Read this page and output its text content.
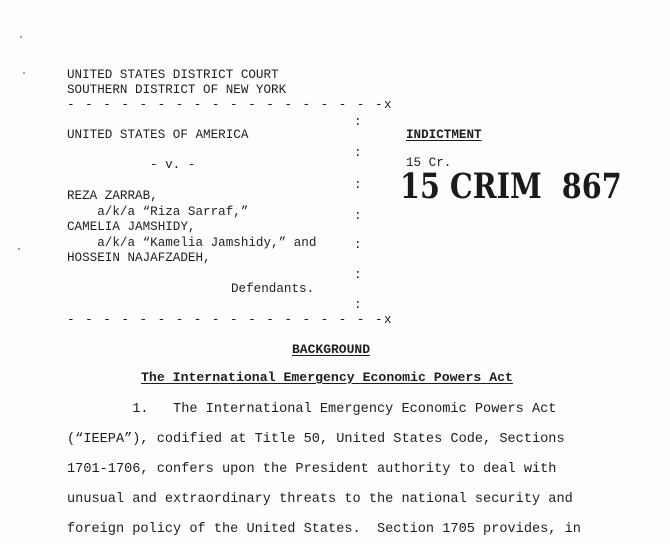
UNITED STATES DISTRICT COURT
SOUTHERN DISTRICT OF NEW YORK
- - - - - - - - - - - - - - - - - -x
:
:
:
:
:
:
:
UNITED STATES OF AMERICA
- v. -
REZA ZARRAB,
a/k/a “Riza Sarraf,”
CAMELIA JAMSHIDY,
a/k/a “Kamelia Jamshidy,” and
HOSSEIN NAJAFZADEH,
Defendants.
- - - - - - - - - - - - - - - - - -x
INDICTMENT
15 Cr.
15 CRIM  867
BACKGROUND
The International Emergency Economic Powers Act
1.   The International Emergency Economic Powers Act
(“IEEPA”), codified at Title 50, United States Code, Sections
1701-1706, confers upon the President authority to deal with
unusual and extraordinary threats to the national security and
foreign policy of the United States.  Section 1705 provides, in
